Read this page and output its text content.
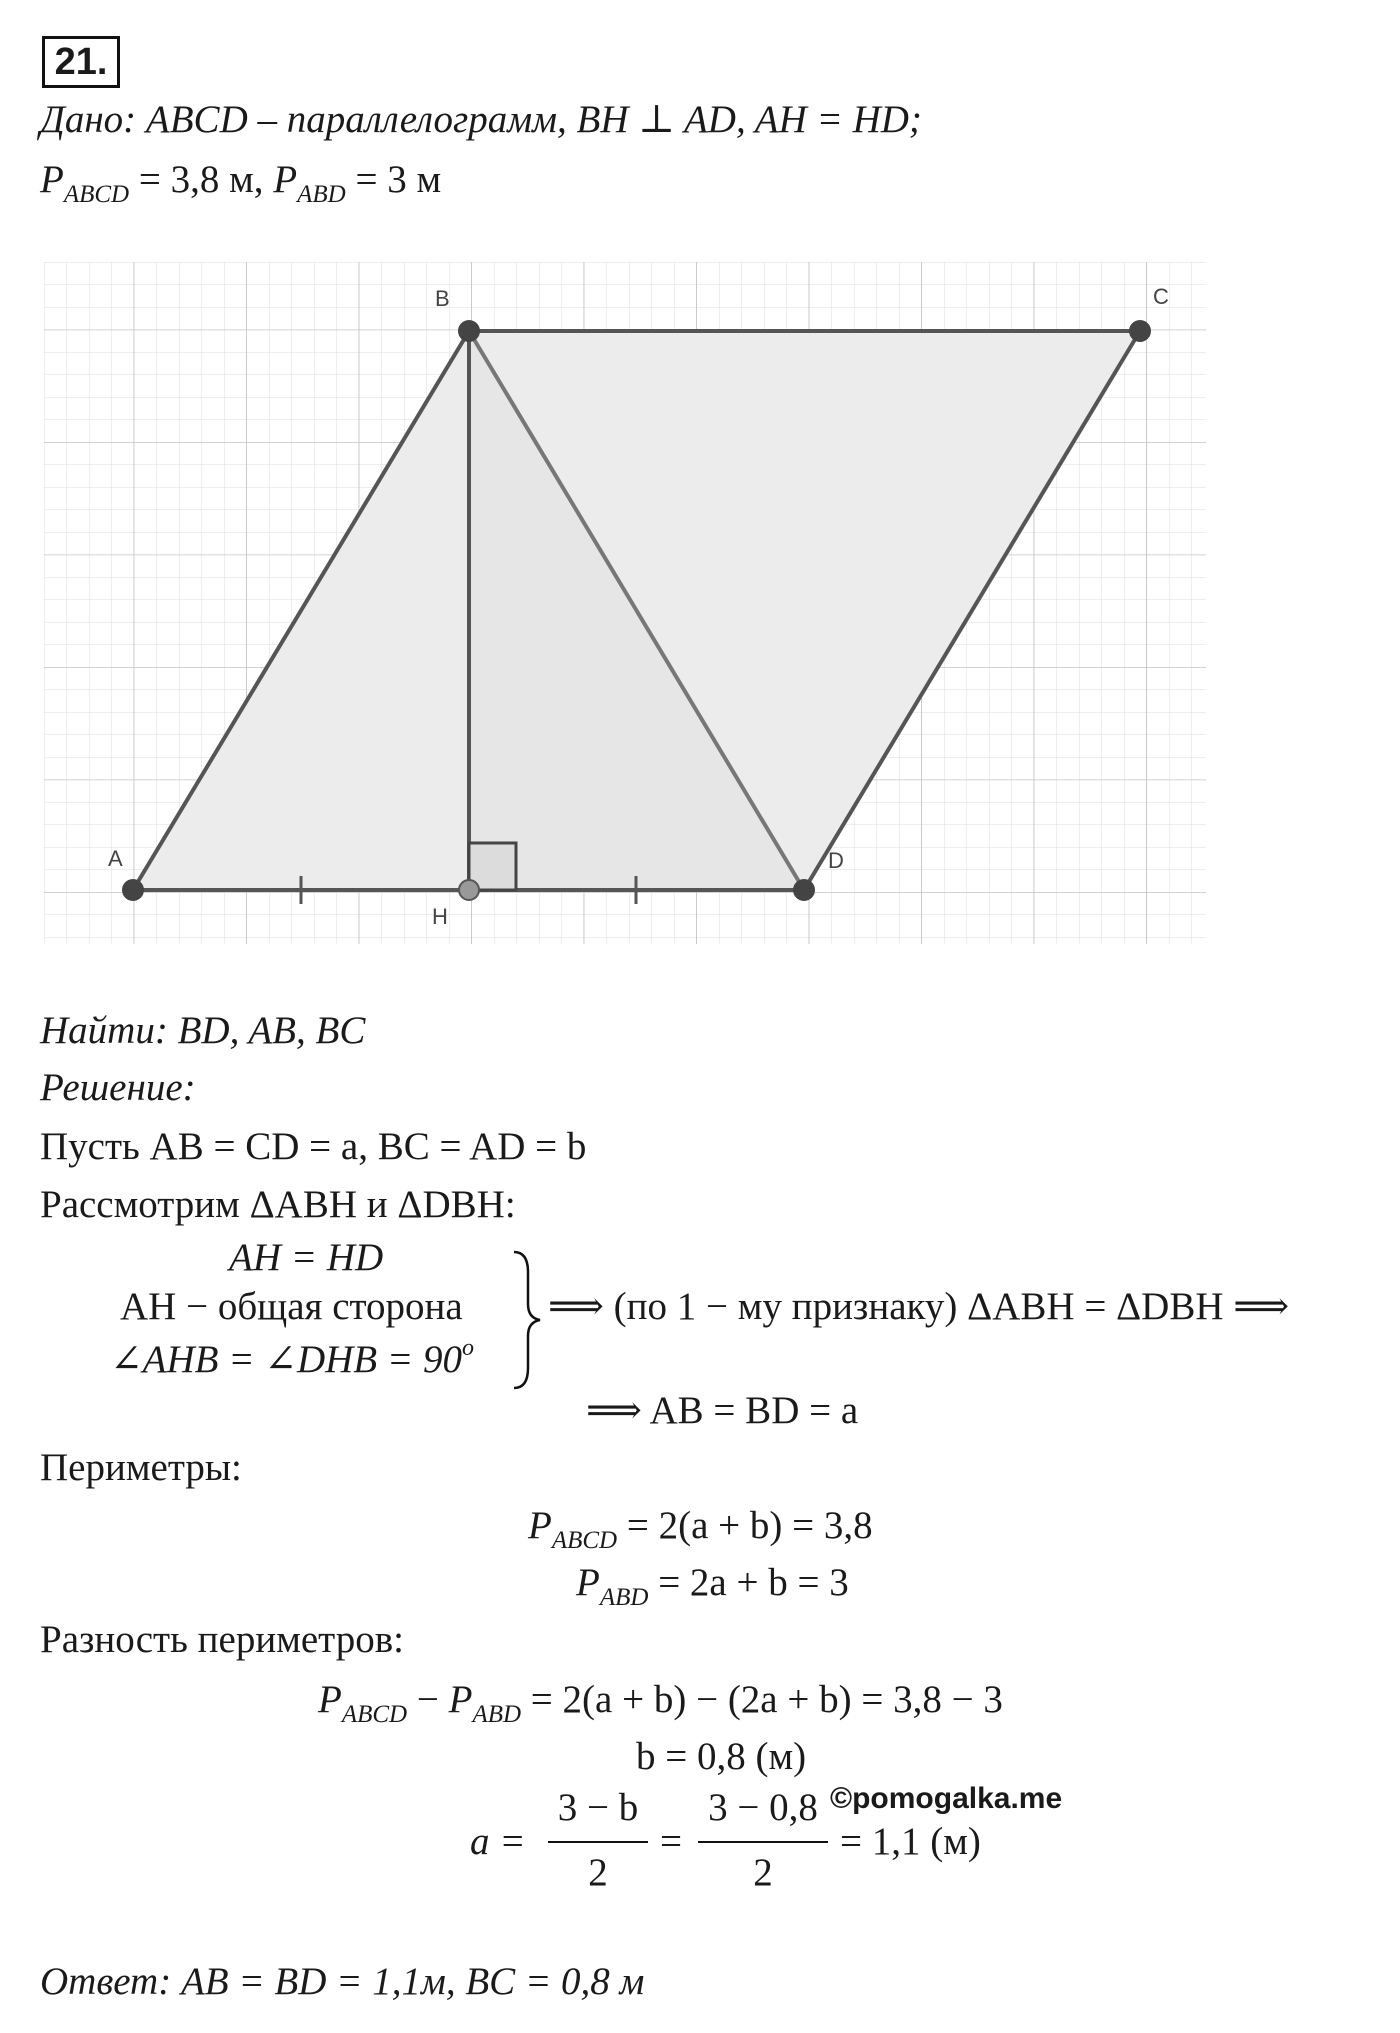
21.
Дано: ABCD – параллелограмм, BH ⊥ AD, AH = HD;
$P_{ABCD} = 3,8$ м, $P_{ABD} = 3$ м
A
B	C
D
H
Найти: BD, AB, BC
Решение:
Пусть AB = CD = a, BC = AD = b
Рассмотрим ΔABH и ΔDBH:
AH = HD
AH − общая сторона
∠AHB = ∠DHB = $90^o$
⟹ (по 1 − му признаку) ΔABH = ΔDBH ⟹
⟹ AB = BD = a
Периметры:
$P_{ABCD} = 2(a + b) = 3,8$
$P_{ABD} = 2a + b = 3$
Разность периметров:
$P_{ABCD} - P_{ABD} = 2(a + b) - (2a + b) = 3,8 - 3$
b = 0,8 (м)
$a = \frac{3 - b}{2} = \frac{3 - 0,8}{2} = 1,1$ (м)
©pomogalka.me
Ответ: AB = BD = 1,1м, BC = 0,8 м
